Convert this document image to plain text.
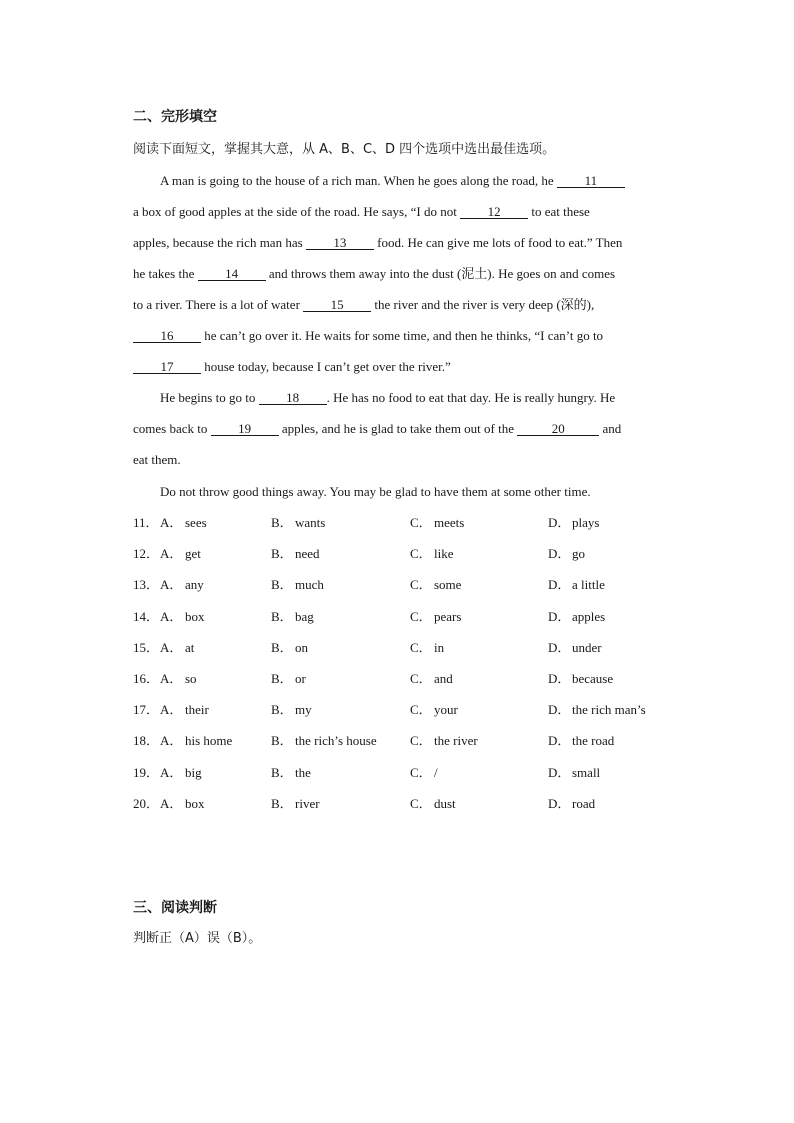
二、完形填空
阅读下面短文，掌握其大意，从 A、B、C、D 四个选项中选出最佳选项。
A man is going to the house of a rich man. When he goes along the road, he 11
a box of good apples at the side of the road. He says, “I do not 12 to eat these
apples, because the rich man has 13 food. He can give me lots of food to eat.” Then
he takes the 14 and throws them away into the dust (泥土). He goes on and comes
to a river. There is a lot of water 15 the river and the river is very deep (深的),
16 he can’t go over it. He waits for some time, and then he thinks, “I can’t go to
17 house today, because I can’t get over the river.”
He begins to go to 18 . He has no food to eat that day. He is really hungry. He
comes back to 19 apples, and he is glad to take them out of the	20	and
eat them.
Do not throw good things away. You may be glad to have them at some other time.
11． A． sees	B． wants	C． meets	D． plays
12． A． get	B． need	C． like	D． go
13． A． any	B． much	C． some	D． a little
14． A． box	B． bag	C． pears	D． apples
15． A． at	B． on	C． in	D． under
16． A． so	B． or	C． and	D． because
17． A． their	B． my	C． your	D． the rich man’s
18． A． his home	B． the rich’s house	C． the river	D． the road
19． A． big	B． the	C． /	D． small
20． A． box	B． river	C． dust	D． road
三、阅读判断
判断正（A）误（B）。
